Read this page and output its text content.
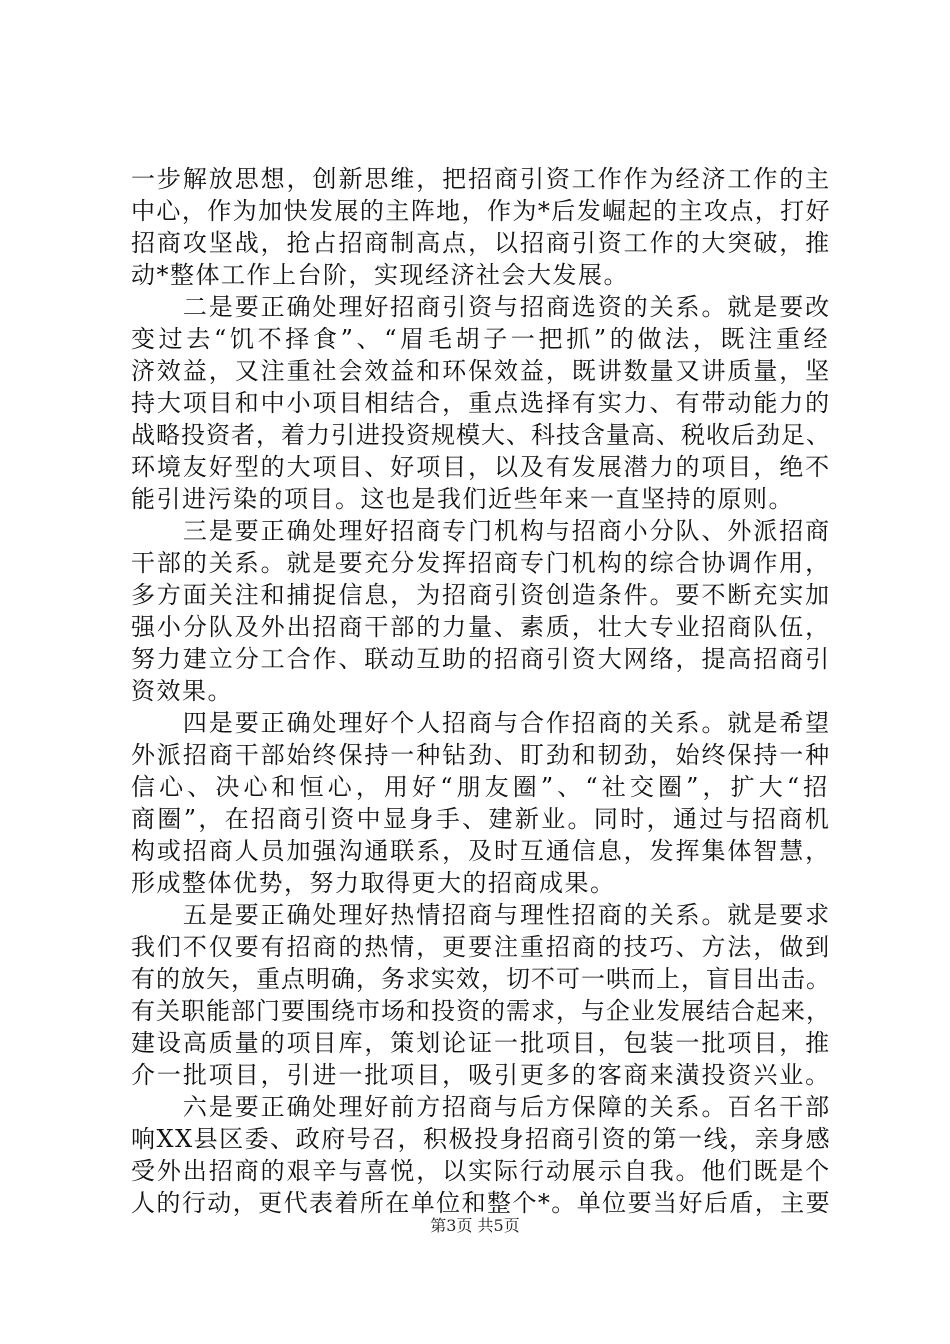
一步解放思想，创新思维，把招商引资工作作为经济工作的主
中心，作为加快发展的主阵地，作为*后发崛起的主攻点，打好
招商攻坚战，抢占招商制高点，以招商引资工作的大突破，推
动*整体工作上台阶，实现经济社会大发展。
　　二是要正确处理好招商引资与招商选资的关系。就是要改
变过去“饥不择食”、“眉毛胡子一把抓”的做法，既注重经
济效益，又注重社会效益和环保效益，既讲数量又讲质量，坚
持大项目和中小项目相结合，重点选择有实力、有带动能力的
战略投资者，着力引进投资规模大、科技含量高、税收后劲足、
环境友好型的大项目、好项目，以及有发展潜力的项目，绝不
能引进污染的项目。这也是我们近些年来一直坚持的原则。
　　三是要正确处理好招商专门机构与招商小分队、外派招商
干部的关系。就是要充分发挥招商专门机构的综合协调作用，
多方面关注和捕捉信息，为招商引资创造条件。要不断充实加
强小分队及外出招商干部的力量、素质，壮大专业招商队伍，
努力建立分工合作、联动互助的招商引资大网络，提高招商引
资效果。
　　四是要正确处理好个人招商与合作招商的关系。就是希望
外派招商干部始终保持一种钻劲、盯劲和韧劲，始终保持一种
信心、决心和恒心，用好“朋友圈”、“社交圈”，扩大“招
商圈”，在招商引资中显身手、建新业。同时，通过与招商机
构或招商人员加强沟通联系，及时互通信息，发挥集体智慧，
形成整体优势，努力取得更大的招商成果。
　　五是要正确处理好热情招商与理性招商的关系。就是要求
我们不仅要有招商的热情，更要注重招商的技巧、方法，做到
有的放矢，重点明确，务求实效，切不可一哄而上，盲目出击。
有关职能部门要围绕市场和投资的需求，与企业发展结合起来，
建设高质量的项目库，策划论证一批项目，包装一批项目，推
介一批项目，引进一批项目，吸引更多的客商来潢投资兴业。
　　六是要正确处理好前方招商与后方保障的关系。百名干部
响XX县区委、政府号召，积极投身招商引资的第一线，亲身感
受外出招商的艰辛与喜悦，以实际行动展示自我。他们既是个
人的行动，更代表着所在单位和整个*。单位要当好后盾，主要
第3页 共5页
